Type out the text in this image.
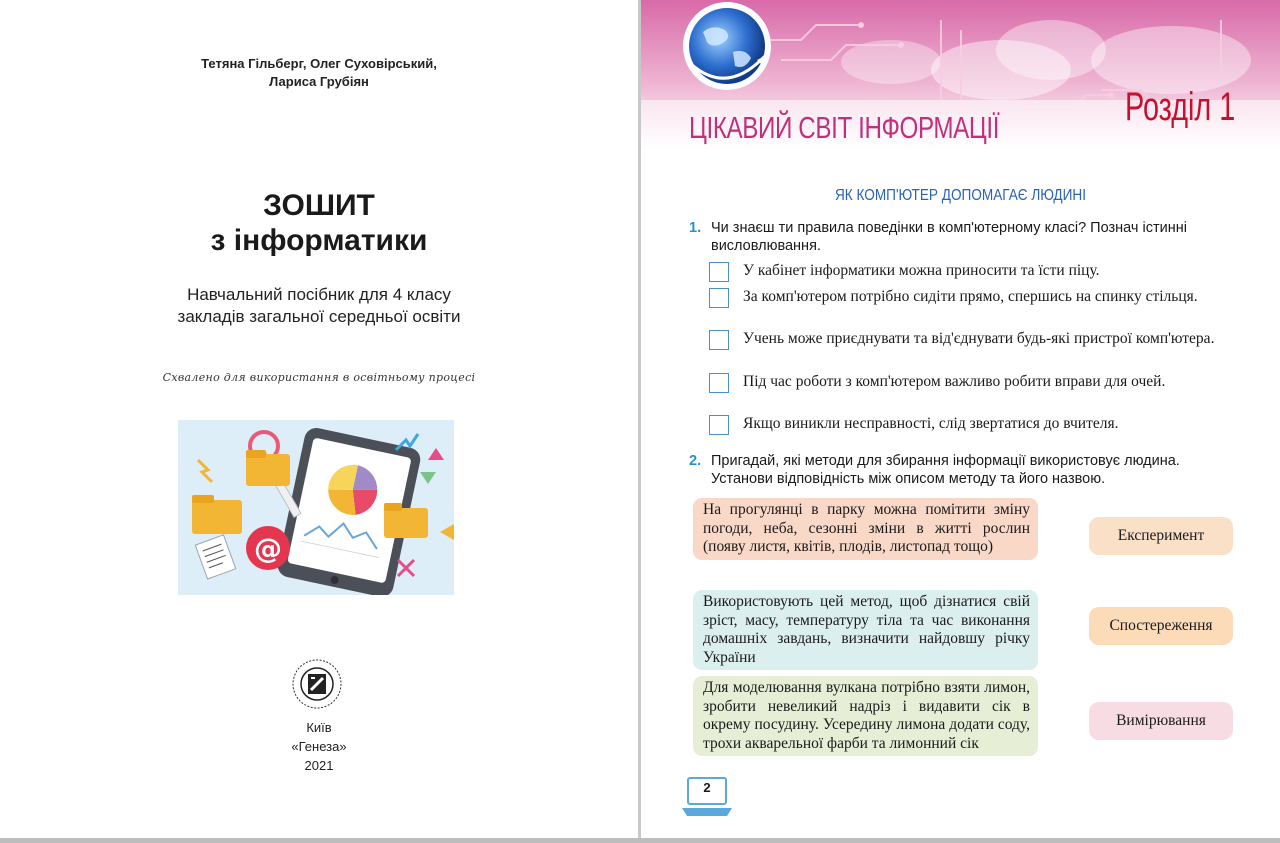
Тетяна Гільберг, Олег Суховірський,
Лариса Грубіян
ЗОШИТ
з інформатики
Навчальний посібник для 4 класу
закладів загальної середньої освіти
Схвалено для використання в освітньому процесі
@
Київ
«Генеза»
2021
ЦІКАВИЙ СВІТ ІНФОРМАЦІЇ	Розділ 1
ЯК КОМП'ЮТЕР ДОПОМАГАЄ ЛЮДИНІ
1. Чи знаєш ти правила поведінки в комп'ютерному класі? Познач істинні висловлювання.
У кабінет інформатики можна приносити та їсти піцу.
За комп'ютером потрібно сидіти прямо, спершись на спинку стільця.
Учень може приєднувати та від'єднувати будь-які пристрої комп'ютера.
Під час роботи з комп'ютером важливо робити вправи для очей.
Якщо виникли несправності, слід звертатися до вчителя.
2. Пригадай, які методи для збирання інформації використовує людина. Установи відповідність між описом методу та його назвою.
На прогулянці в парку можна помітити зміну погоди, неба, сезонні зміни в житті рослин (появу листя, квітів, плодів, листопад тощо)
Використовують цей метод, щоб дізнатися свій зріст, масу, температуру тіла та час виконання домашніх завдань, визначити найдовшу річку України
Для моделювання вулкана потрібно взяти лимон, зробити невеликий надріз і видавити сік в окрему посудину. Усередину лимона додати соду, трохи акварельної фарби та лимонний сік
Експеримент
Спостереження
Вимірювання
2
